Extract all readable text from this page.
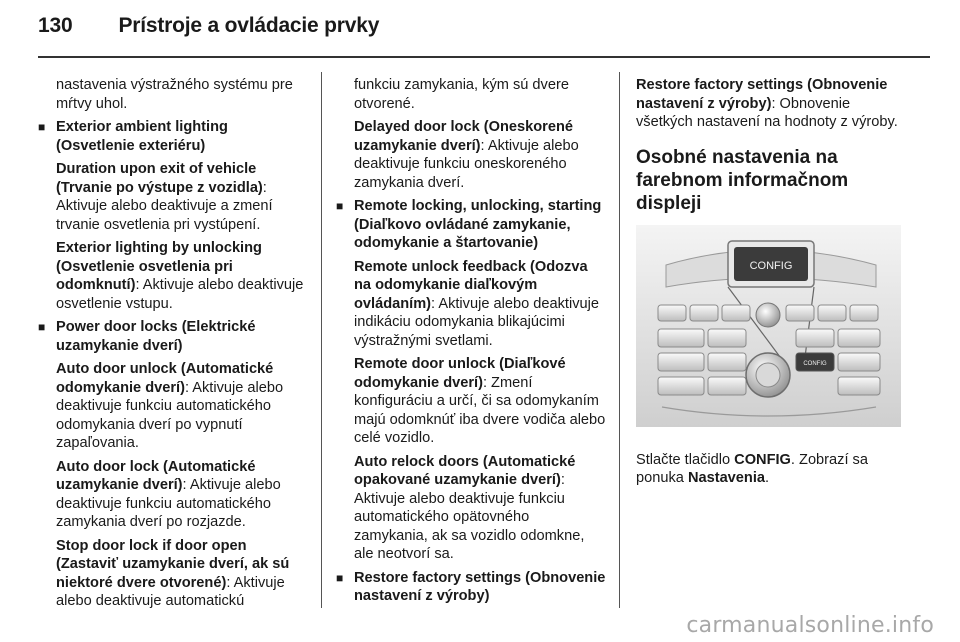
130 Prístroje a ovládacie prvky

nastavenia výstražného systému pre mŕtvy uhol.

■ Exterior ambient lighting (Osvetlenie exteriéru)

Duration upon exit of vehicle (Trvanie po výstupe z vozidla): Aktivuje alebo deaktivuje a zmení trvanie osvetlenia pri vystúpení.

Exterior lighting by unlocking (Osvetlenie osvetlenia pri odomknutí): Aktivuje alebo deaktivuje osvetlenie vstupu.

■ Power door locks (Elektrické uzamykanie dverí)

Auto door unlock (Automatické odomykanie dverí): Aktivuje alebo deaktivuje funkciu automatického odomykania dverí po vypnutí zapaľovania.

Auto door lock (Automatické uzamykanie dverí): Aktivuje alebo deaktivuje funkciu automatického zamykania dverí po rozjazde.

Stop door lock if door open (Zastaviť uzamykanie dverí, ak sú niektoré dvere otvorené): Aktivuje alebo deaktivuje automatickú

funkciu zamykania, kým sú dvere otvorené.

Delayed door lock (Oneskorené uzamykanie dverí): Aktivuje alebo deaktivuje funkciu oneskoreného zamykania dverí.

■ Remote locking, unlocking, starting (Diaľkovo ovládané zamykanie, odomykanie a štartovanie)

Remote unlock feedback (Odozva na odomykanie diaľkovým ovládaním): Aktivuje alebo deaktivuje indikáciu odomykania blikajúcimi výstražnými svetlami.

Remote door unlock (Diaľkové odomykanie dverí): Zmení konfiguráciu a určí, či sa odomykaním majú odomknúť iba dvere vodiča alebo celé vozidlo.

Auto relock doors (Automatické opakované uzamykanie dverí): Aktivuje alebo deaktivuje funkciu automatického opätovného zamykania, ak sa vozidlo odomkne, ale neotvorí sa.

■ Restore factory settings (Obnovenie nastavení z výroby)

Restore factory settings (Obnovenie nastavení z výroby): Obnovenie všetkých nastavení na hodnoty z výroby.

Osobné nastavenia na farebnom informačnom displeji
CONFIG
CONFIG

Stlačte tlačidlo CONFIG. Zobrazí sa ponuka Nastavenia.

carmanualsonline.info
